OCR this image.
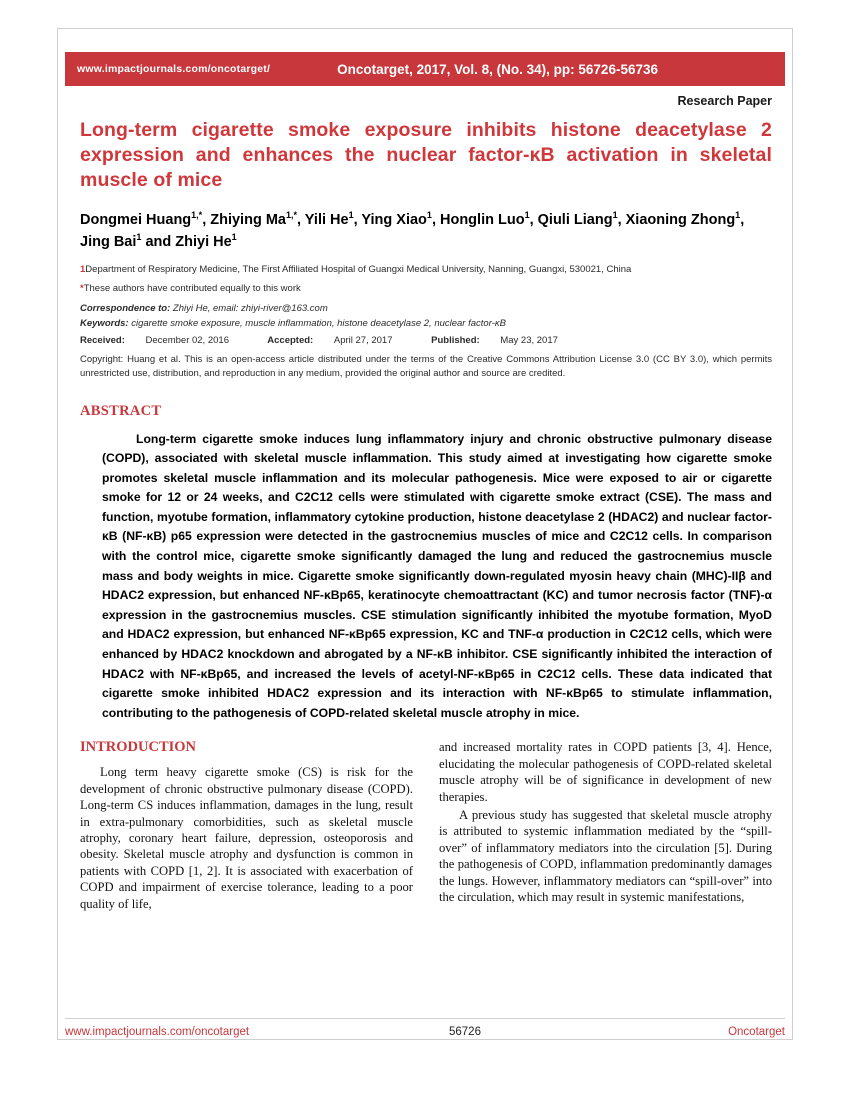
www.impactjournals.com/oncotarget/	Oncotarget, 2017, Vol. 8, (No. 34), pp: 56726-56736
Research Paper
Long-term cigarette smoke exposure inhibits histone deacetylase 2 expression and enhances the nuclear factor-κB activation in skeletal muscle of mice
Dongmei Huang$^{1,*}$, Zhiying $Ma^{1,*}$, Yili He$^1$, Ying Xiao$^1$, Honglin Luo$^1$, Qiuli Liang$^1$, Xiaoning Zhong$^1$, Jing Bai$^1$ and Zhiyi He$^1$
1Department of Respiratory Medicine, The First Affiliated Hospital of Guangxi Medical University, Nanning, Guangxi, 530021, China
*These authors have contributed equally to this work
Correspondence to: Zhiyi He, email: zhiyi-river@163.com
Keywords: cigarette smoke exposure, muscle inflammation, histone deacetylase 2, nuclear factor-κB
Received: December 02, 2016	Accepted: April 27, 2017	Published: May 23, 2017
Copyright: Huang et al. This is an open-access article distributed under the terms of the Creative Commons Attribution License 3.0 (CC BY 3.0), which permits unrestricted use, distribution, and reproduction in any medium, provided the original author and source are credited.
ABSTRACT

Long-term cigarette smoke induces lung inflammatory injury and chronic obstructive pulmonary disease (COPD), associated with skeletal muscle inflammation. This study aimed at investigating how cigarette smoke promotes skeletal muscle inflammation and its molecular pathogenesis. Mice were exposed to air or cigarette smoke for 12 or 24 weeks, and C2C12 cells were stimulated with cigarette smoke extract (CSE). The mass and function, myotube formation, inflammatory cytokine production, histone deacetylase 2 (HDAC2) and nuclear factor-κB (NF-κB) p65 expression were detected in the gastrocnemius muscles of mice and C2C12 cells. In comparison with the control mice, cigarette smoke significantly damaged the lung and reduced the gastrocnemius muscle mass and body weights in mice. Cigarette smoke significantly down-regulated myosin heavy chain (MHC)-IIβ and HDAC2 expression, but enhanced NF-κBp65, keratinocyte chemoattractant (KC) and tumor necrosis factor (TNF)-α expression in the gastrocnemius muscles. CSE stimulation significantly inhibited the myotube formation, MyoD and HDAC2 expression, but enhanced NF-κBp65 expression, KC and TNF-α production in C2C12 cells, which were enhanced by HDAC2 knockdown and abrogated by a NF-κB inhibitor. CSE significantly inhibited the interaction of HDAC2 with NF-κBp65, and increased the levels of acetyl-NF-κBp65 in C2C12 cells. These data indicated that cigarette smoke inhibited HDAC2 expression and its interaction with NF-κBp65 to stimulate inflammation, contributing to the pathogenesis of COPD-related skeletal muscle atrophy in mice.

INTRODUCTION

Long term heavy cigarette smoke (CS) is risk for the development of chronic obstructive pulmonary disease (COPD). Long-term CS induces inflammation, damages in the lung, result in extra-pulmonary comorbidities, such as skeletal muscle atrophy, coronary heart failure, depression, osteoporosis and obesity. Skeletal muscle atrophy and dysfunction is common in patients with COPD [1, 2]. It is associated with exacerbation of COPD and impairment of exercise tolerance, leading to a poor quality of life,

and increased mortality rates in COPD patients [3, 4]. Hence, elucidating the molecular pathogenesis of COPD-related skeletal muscle atrophy will be of significance in development of new therapies.

A previous study has suggested that skeletal muscle atrophy is attributed to systemic inflammation mediated by the “spill-over” of inflammatory mediators into the circulation [5]. During the pathogenesis of COPD, inflammation predominantly damages the lungs. However, inflammatory mediators can “spill-over” into the circulation, which may result in systemic manifestations,

www.impactjournals.com/oncotarget	56726	Oncotarget
